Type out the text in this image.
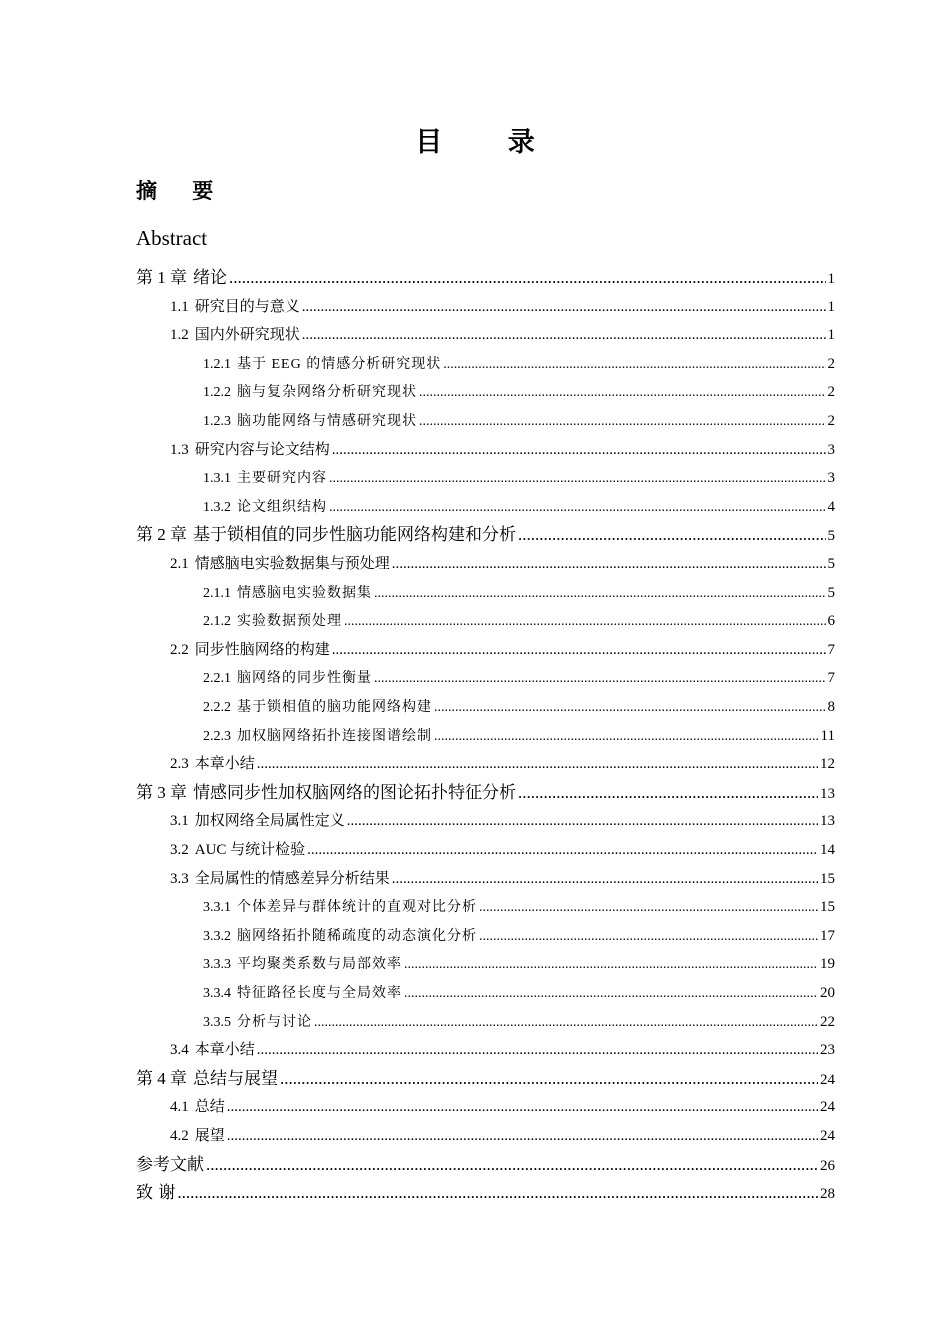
目 录
摘 要
Abstract
第 1 章 绪论 .....	1
1.1 研究目的与意义 .....	1
1.2 国内外研究现状 .....	1
1.2.1 基于 EEG 的情感分析研究现状 .....	2
1.2.2 脑与复杂网络分析研究现状 .....	2
1.2.3 脑功能网络与情感研究现状 .....	2
1.3 研究内容与论文结构 .....	3
1.3.1 主要研究内容 .....	3
1.3.2 论文组织结构 .....	4
第 2 章 基于锁相值的同步性脑功能网络构建和分析 .....	5
2.1 情感脑电实验数据集与预处理 .....	5
2.1.1 情感脑电实验数据集 .....	5
2.1.2 实验数据预处理 .....	6
2.2 同步性脑网络的构建 .....	7
2.2.1 脑网络的同步性衡量 .....	7
2.2.2 基于锁相值的脑功能网络构建 .....	8
2.2.3 加权脑网络拓扑连接图谱绘制 .....	11
2.3 本章小结 .....	12
第 3 章 情感同步性加权脑网络的图论拓扑特征分析 .....	13
3.1 加权网络全局属性定义 .....	13
3.2 AUC 与统计检验 .....	14
3.3 全局属性的情感差异分析结果 .....	15
3.3.1 个体差异与群体统计的直观对比分析 .....	15
3.3.2 脑网络拓扑随稀疏度的动态演化分析 .....	17
3.3.3 平均聚类系数与局部效率 .....	19
3.3.4 特征路径长度与全局效率 .....	20
3.3.5 分析与讨论 .....	22
3.4 本章小结 .....	23
第 4 章 总结与展望 .....	24
4.1 总结 .....	24
4.2 展望 .....	24
参考文献 .....	26
致 谢 .....	28
